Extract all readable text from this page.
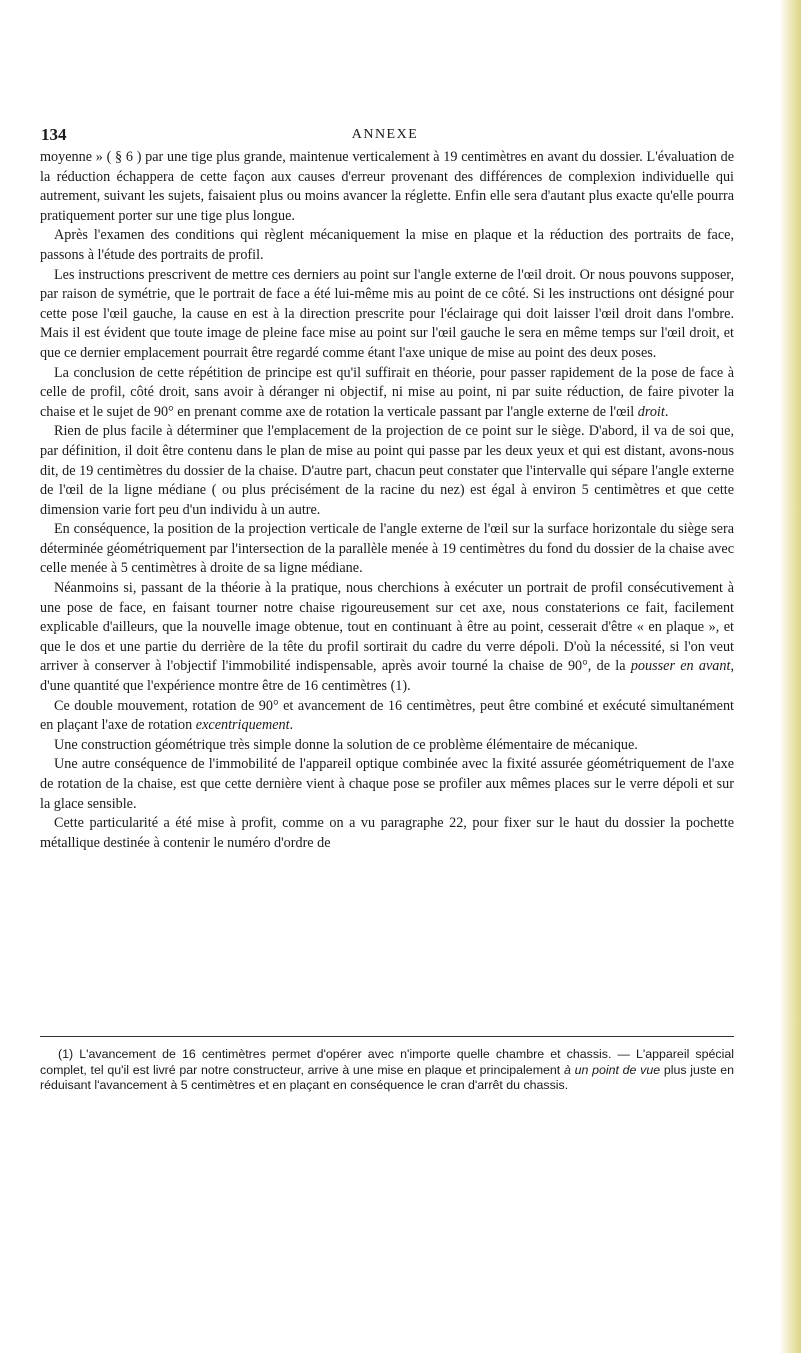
134	ANNEXE

moyenne » ( § 6 ) par une tige plus grande, maintenue verticalement à 19 centimètres en avant du dossier. L'évaluation de la réduction échappera de cette façon aux causes d'erreur provenant des différences de complexion individuelle qui autrement, suivant les sujets, faisaient plus ou moins avancer la réglette. Enfin elle sera d'autant plus exacte qu'elle pourra pratiquement porter sur une tige plus longue.

Après l'examen des conditions qui règlent mécaniquement la mise en plaque et la réduction des portraits de face, passons à l'étude des portraits de profil.

Les instructions prescrivent de mettre ces derniers au point sur l'angle externe de l'œil droit. Or nous pouvons supposer, par raison de symétrie, que le portrait de face a été lui-même mis au point de ce côté. Si les instructions ont désigné pour cette pose l'œil gauche, la cause en est à la direction prescrite pour l'éclairage qui doit laisser l'œil droit dans l'ombre. Mais il est évident que toute image de pleine face mise au point sur l'œil gauche le sera en même temps sur l'œil droit, et que ce dernier emplacement pourrait être regardé comme étant l'axe unique de mise au point des deux poses.

La conclusion de cette répétition de principe est qu'il suffirait en théorie, pour passer rapidement de la pose de face à celle de profil, côté droit, sans avoir à déranger ni objectif, ni mise au point, ni par suite réduction, de faire pivoter la chaise et le sujet de 90° en prenant comme axe de rotation la verticale passant par l'angle externe de l'œil droit.

Rien de plus facile à déterminer que l'emplacement de la projection de ce point sur le siège. D'abord, il va de soi que, par définition, il doit être contenu dans le plan de mise au point qui passe par les deux yeux et qui est distant, avons-nous dit, de 19 centimètres du dossier de la chaise. D'autre part, chacun peut constater que l'intervalle qui sépare l'angle externe de l'œil de la ligne médiane ( ou plus précisément de la racine du nez) est égal à environ 5 centimètres et que cette dimension varie fort peu d'un individu à un autre.

En conséquence, la position de la projection verticale de l'angle externe de l'œil sur la surface horizontale du siège sera déterminée géométriquement par l'intersection de la parallèle menée à 19 centimètres du fond du dossier de la chaise avec celle menée à 5 centimètres à droite de sa ligne médiane.

Néanmoins si, passant de la théorie à la pratique, nous cherchions à exécuter un portrait de profil consécutivement à une pose de face, en faisant tourner notre chaise rigoureusement sur cet axe, nous constaterions ce fait, facilement explicable d'ailleurs, que la nouvelle image obtenue, tout en continuant à être au point, cesserait d'être « en plaque », et que le dos et une partie du derrière de la tête du profil sortirait du cadre du verre dépoli. D'où la nécessité, si l'on veut arriver à conserver à l'objectif l'immobilité indispensable, après avoir tourné la chaise de 90°, de la pousser en avant, d'une quantité que l'expérience montre être de 16 centimètres (1).

Ce double mouvement, rotation de 90° et avancement de 16 centimètres, peut être combiné et exécuté simultanément en plaçant l'axe de rotation excentriquement.

Une construction géométrique très simple donne la solution de ce problème élémentaire de mécanique.

Une autre conséquence de l'immobilité de l'appareil optique combinée avec la fixité assurée géométriquement de l'axe de rotation de la chaise, est que cette dernière vient à chaque pose se profiler aux mêmes places sur le verre dépoli et sur la glace sensible.

Cette particularité a été mise à profit, comme on a vu paragraphe 22, pour fixer sur le haut du dossier la pochette métallique destinée à contenir le numéro d'ordre de

(1) L'avancement de 16 centimètres permet d'opérer avec n'importe quelle chambre et chassis. — L'appareil spécial complet, tel qu'il est livré par notre constructeur, arrive à une mise en plaque et principalement à un point de vue plus juste en réduisant l'avancement à 5 centimètres et en plaçant en conséquence le cran d'arrêt du chassis.
